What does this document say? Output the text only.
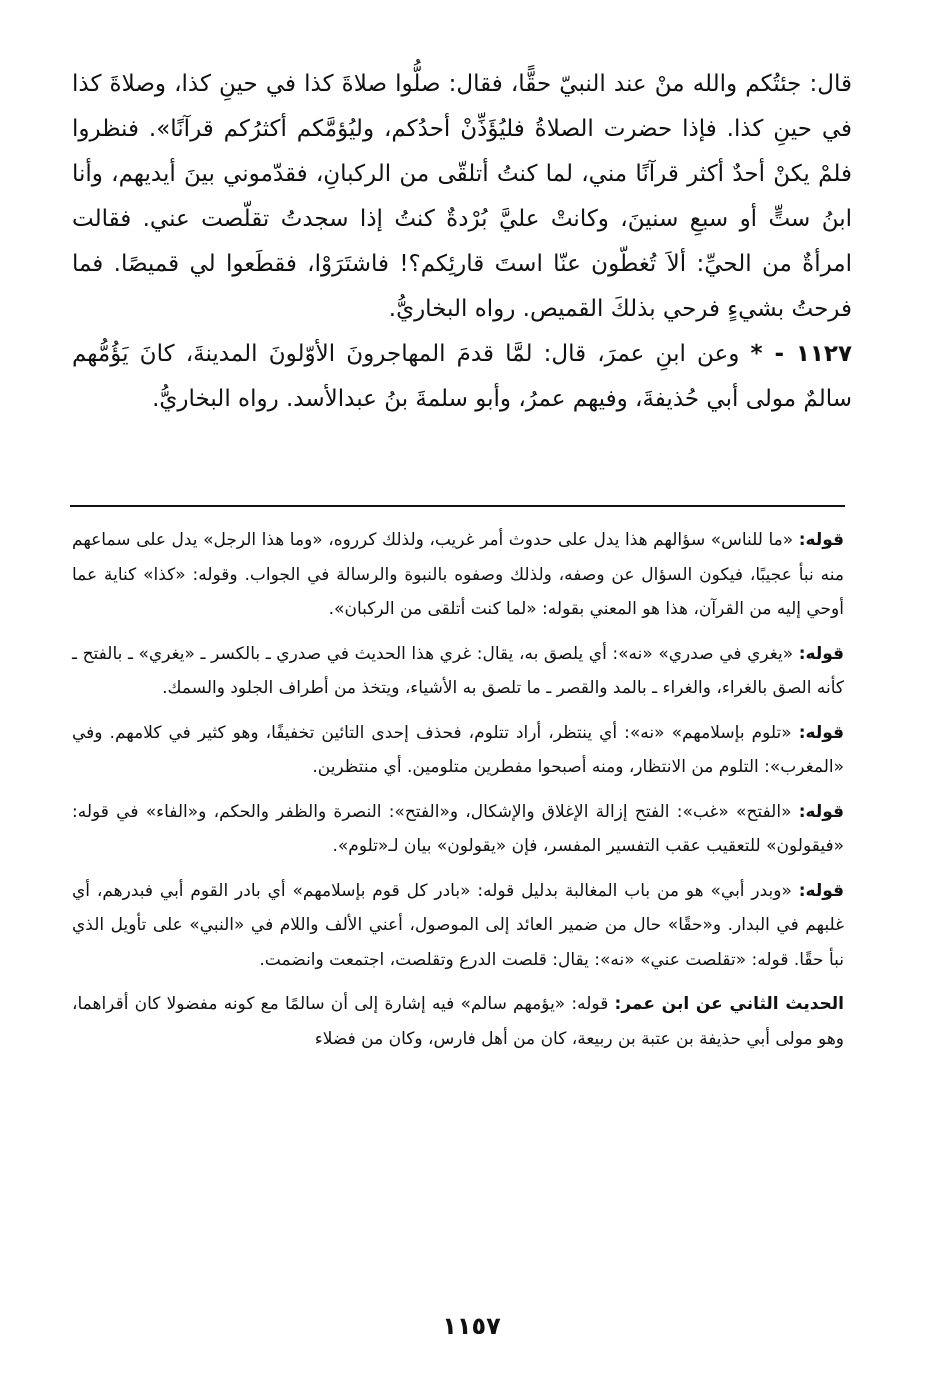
قال: جئتُكم والله منْ عند النبيّ حقًّا، فقال: صلُّوا صلاةَ كذا في حينِ كذا، وصلاةَ كذا في حينِ كذا. فإذا حضرت الصلاةُ فليُؤَذِّنْ أحدُكم، وليُؤمَّكم أكثرُكم قرآنًا». فنظروا فلمْ يكنْ أحدٌ أكثر قرآنًا مني، لما كنتُ أتلقّى من الركبانِ، فقدّموني بينَ أيديهم، وأنا ابنُ ستٍّ أو سبعِ سنينَ، وكانتْ عليَّ بُرْدةٌ كنتُ إذا سجدتُ تقلّصت عني. فقالت امرأةٌ من الحيِّ: ألاَ تُغطّون عنّا استَ قارئِكم؟! فاشتَرَوْا، فقطَعوا لي قميصًا. فما فرحتُ بشيءٍ فرحي بذلكَ القميص. رواه البخاريُّ.

١١٢٧ - * وعن ابنِ عمرَ، قال: لمَّا قدمَ المهاجرونَ الأوّلونَ المدينةَ، كانَ يَؤُمُّهم سالمٌ مولى أبي حُذيفةَ، وفيهم عمرُ، وأبو سلمةَ بنُ عبدالأسد. رواه البخاريُّ.

قوله: «ما للناس» سؤالهم هذا يدل على حدوث أمر غريب، ولذلك كرروه، «وما هذا الرجل» يدل على سماعهم منه نبأ عجيبًا، فيكون السؤال عن وصفه، ولذلك وصفوه بالنبوة والرسالة في الجواب. وقوله: «كذا» كناية عما أوحي إليه من القرآن، هذا هو المعني بقوله: «لما كنت أتلقى من الركبان».

قوله: «يغري في صدري» «نه»: أي يلصق به، يقال: غري هذا الحديث في صدري ـ بالكسر ـ «يغري» ـ بالفتح ـ كأنه الصق بالغراء، والغراء ـ بالمد والقصر ـ ما تلصق به الأشياء، ويتخذ من أطراف الجلود والسمك.

قوله: «تلوم بإسلامهم» «نه»: أي ينتظر، أراد تتلوم، فحذف إحدى التائين تخفيفًا، وهو كثير في كلامهم. وفي «المغرب»: التلوم من الانتظار، ومنه أصبحوا مفطرين متلومين. أي منتظرين.

قوله: «الفتح» «غب»: الفتح إزالة الإغلاق والإشكال، و«الفتح»: النصرة والظفر والحكم، و«الفاء» في قوله: «فيقولون» للتعقيب عقب التفسير المفسر، فإن «يقولون» بيان لـ«تلوم».

قوله: «وبدر أبي» هو من باب المغالبة بدليل قوله: «بادر كل قوم بإسلامهم» أي بادر القوم أبي فبدرهم، أي غلبهم في البدار. و«حقًا» حال من ضمير العائد إلى الموصول، أعني الألف واللام في «النبي» على تأويل الذي نبأ حقًا. قوله: «تقلصت عني» «نه»: يقال: قلصت الدرع وتقلصت، اجتمعت وانضمت.

الحديث الثاني عن ابن عمر: قوله: «يؤمهم سالم» فيه إشارة إلى أن سالمًا مع كونه مفضولا كان أقراهما، وهو مولى أبي حذيفة بن عتبة بن ربيعة، كان من أهل فارس، وكان من فضلاء

١١٥٧
